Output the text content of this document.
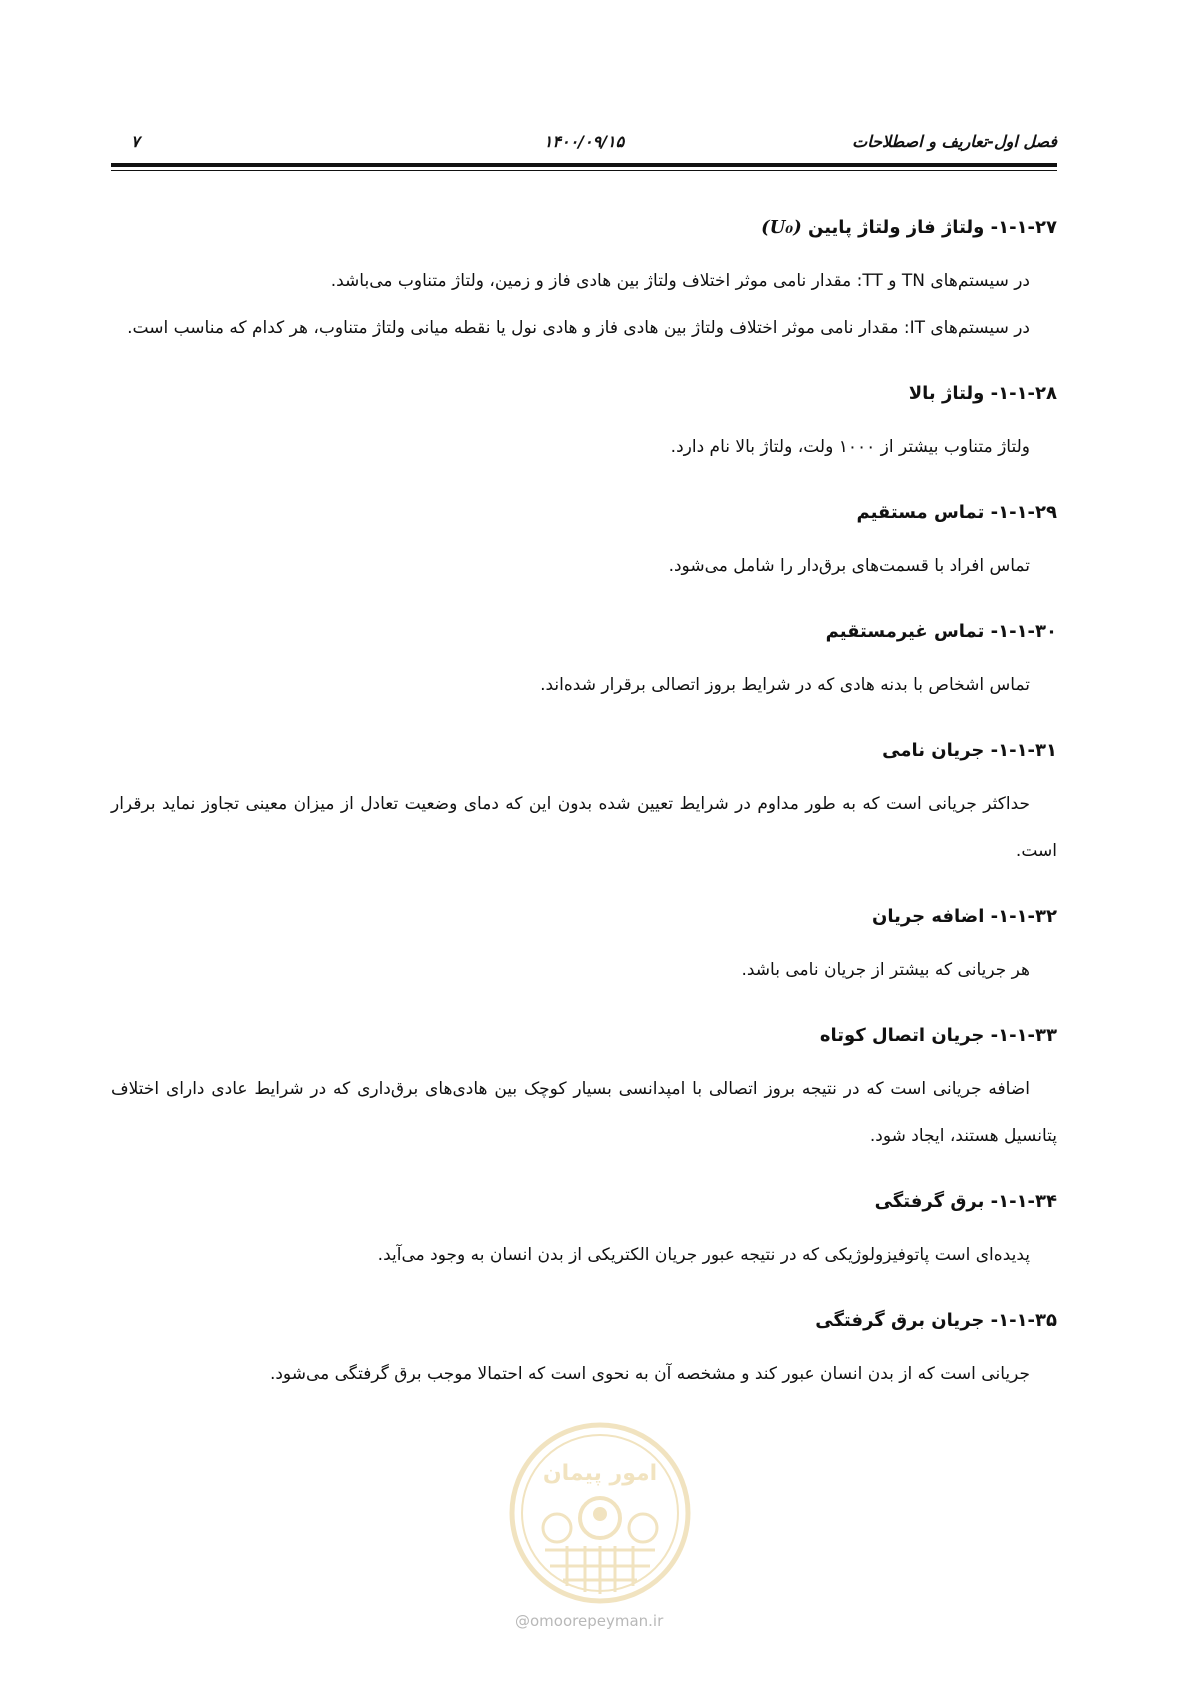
فصل اول-تعاریف و اصطلاحات
۱۴۰۰/۰۹/۱۵
۷
۱-۱-۲۷- ولتاژ فاز ولتاژ پایین (U₀)

در سیستم‌های TN و TT: مقدار نامی موثر اختلاف ولتاژ بین هادی فاز و زمین، ولتاژ متناوب می‌باشد.

در سیستم‌های IT: مقدار نامی موثر اختلاف ولتاژ بین هادی فاز و هادی نول یا نقطه میانی ولتاژ متناوب، هر کدام که مناسب است.

۱-۱-۲۸- ولتاژ بالا

ولتاژ متناوب بیشتر از ۱۰۰۰ ولت، ولتاژ بالا نام دارد.

۱-۱-۲۹- تماس مستقیم

تماس افراد با قسمت‌های برق‌دار را شامل می‌شود.

۱-۱-۳۰- تماس غیرمستقیم

تماس اشخاص با بدنه هادی که در شرایط بروز اتصالی برقرار شده‌اند.

۱-۱-۳۱- جریان نامی

حداکثر جریانی است که به طور مداوم در شرایط تعیین شده بدون این که دمای وضعیت تعادل از میزان معینی تجاوز نماید برقرار است.

۱-۱-۳۲- اضافه جریان

هر جریانی که بیشتر از جریان نامی باشد.

۱-۱-۳۳- جریان اتصال کوتاه

اضافه جریانی است که در نتیجه بروز اتصالی با امپدانسی بسیار کوچک بین هادی‌های برق‌داری که در شرایط عادی دارای اختلاف پتانسیل هستند، ایجاد شود.

۱-۱-۳۴- برق گرفتگی

پدیده‌ای است پاتوفیزولوژیکی که در نتیجه عبور جریان الکتریکی از بدن انسان به وجود می‌آید.

۱-۱-۳۵- جریان برق گرفتگی

جریانی است که از بدن انسان عبور کند و مشخصه آن به نحوی است که احتمالا موجب برق گرفتگی می‌شود.

امور پیمان
@omoorepeyman.ir
